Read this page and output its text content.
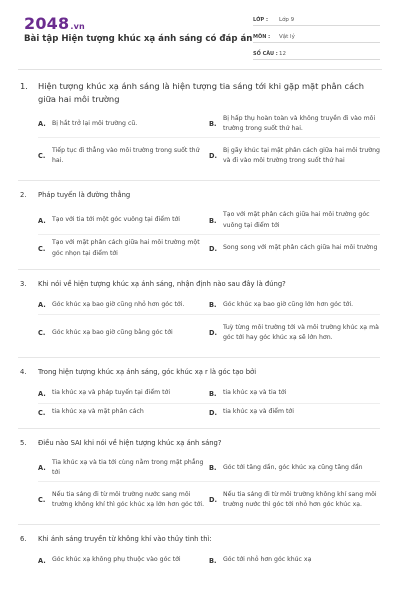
2048.vn
Bài tập Hiện tượng khúc xạ ánh sáng có đáp án
LỚP :	Lớp 9
MÔN :	Vật lý
SỐ CÂU : 12
1.	Hiện tượng khúc xạ ánh sáng là hiện tượng tia sáng tới khi gặp mặt phân cách giữa hai môi trường
A.	Bị hắt trở lại môi trường cũ.	B.
Bị hấp thụ hoàn toàn và không truyền đi vào môi trường trong suốt thứ hai.
C.
Tiếp tục đi thẳng vào môi trường trong suốt thứ hai.
D.
Bị gãy khúc tại mặt phân cách giữa hai môi trường và đi vào môi trường trong suốt thứ hai
2.	Pháp tuyến là đường thẳng
A.	Tạo với tia tới một góc vuông tại điểm tới	B.
Tạo với mặt phân cách giữa hai môi trường góc vuông tại điểm tới
C.
Tạo với mặt phân cách giữa hai môi trường một góc nhọn tại điểm tới
D. Song song với mặt phân cách giữa hai môi trường
3.	Khi nói về hiện tượng khúc xạ ánh sáng, nhận định nào sau đây là đúng?
A.	Góc khúc xạ bao giờ cũng nhỏ hơn góc tới.	B.	Góc khúc xạ bao giờ cũng lớn hơn góc tới.
C.	Góc khúc xạ bao giờ cũng bằng góc tới	D.
Tuỳ từng môi trường tới và môi trường khúc xạ mà góc tới hay góc khúc xạ sẽ lớn hơn.
4.	Trong hiện tượng khúc xạ ánh sáng, góc khúc xạ r là góc tạo bởi
A.	tia khúc xạ và pháp tuyến tại điểm tới	B.	tia khúc xạ và tia tới
C.	tia khúc xạ và mặt phân cách	D. tia khúc xạ và điểm tới
5.	Điều nào SAI khi nói về hiện tượng khúc xạ ánh sáng?
A.
Tia khúc xạ và tia tới cùng nằm trong mặt phẳng tới
B.	Góc tới tăng dần, góc khúc xạ cũng tăng dần
C.
Nếu tia sáng đi từ môi trường nước sang môi trường không khí thì góc khúc xạ lớn hơn góc tới.
D.
Nếu tia sáng đi từ môi trường không khí sang môi trường nước thì góc tới nhỏ hơn góc khúc xạ.
6.	Khi ánh sáng truyền từ không khí vào thủy tinh thì:
A.	Góc khúc xạ không phụ thuộc vào góc tới	B.	Góc tới nhỏ hơn góc khúc xạ
